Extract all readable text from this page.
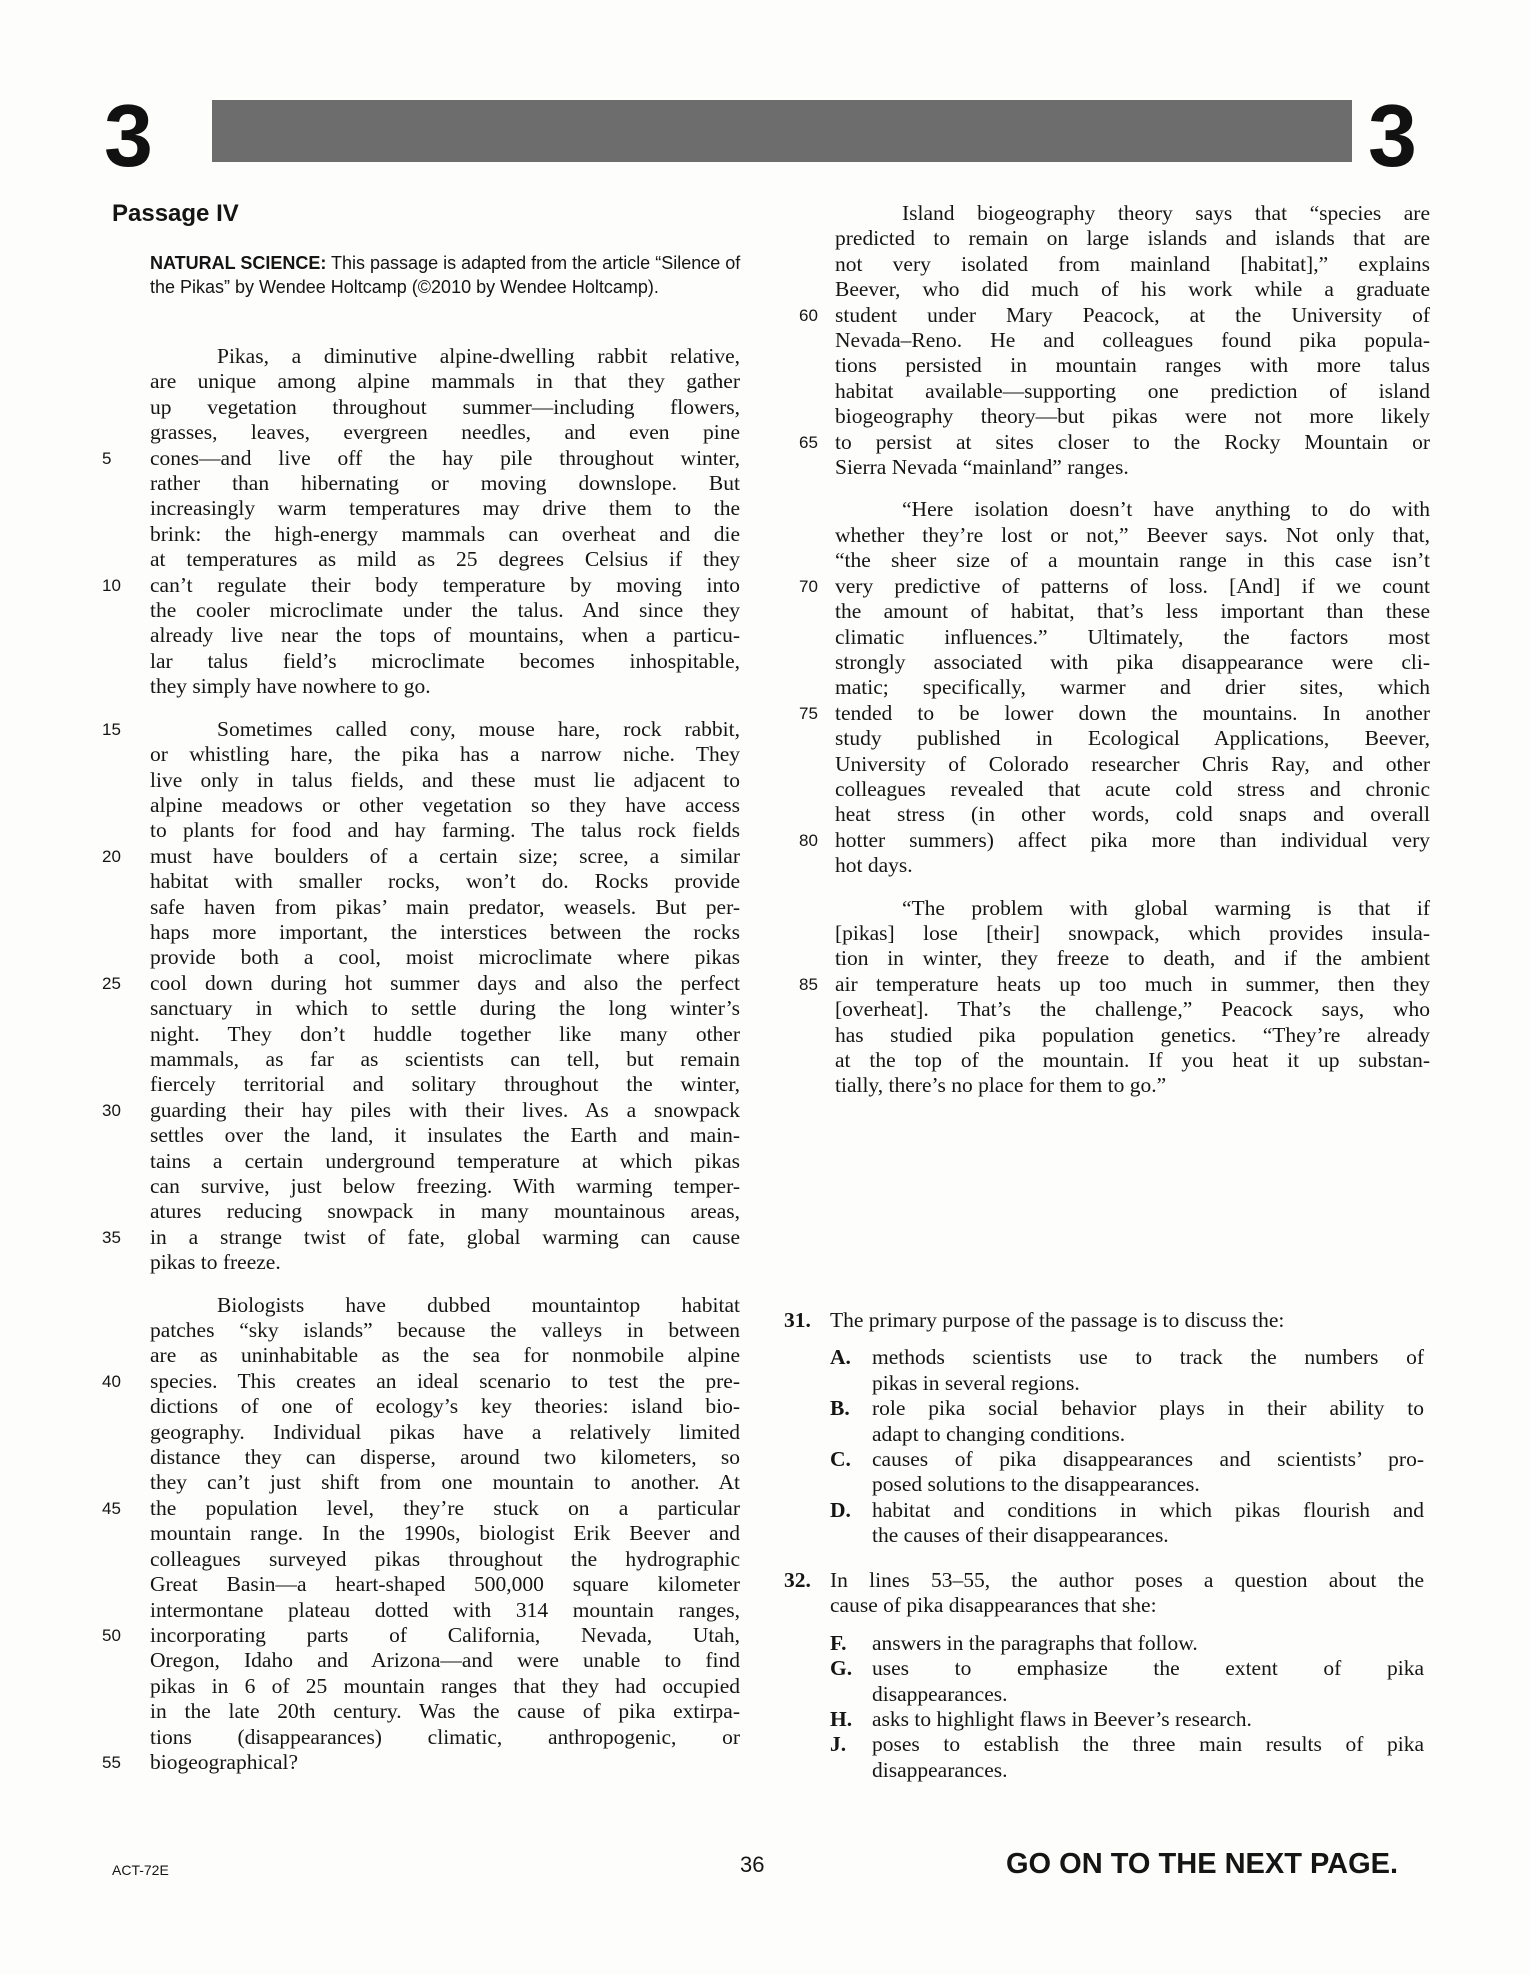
3	3
Passage IV
NATURAL SCIENCE: This passage is adapted from the article “Silence of the Pikas” by Wendee Holtcamp (©2010 by Wendee Holtcamp).
Pikas, a diminutive alpine-dwelling rabbit relative,
are unique among alpine mammals in that they gather
up vegetation throughout summer—including flowers,
grasses, leaves, evergreen needles, and even pine
cones—and live off the hay pile throughout winter,
5
rather than hibernating or moving downslope. But
increasingly warm temperatures may drive them to the
brink: the high-energy mammals can overheat and die
at temperatures as mild as 25 degrees Celsius if they
can’t regulate their body temperature by moving into
10
the cooler microclimate under the talus. And since they
already live near the tops of mountains, when a particu-
lar talus field’s microclimate becomes inhospitable,
they simply have nowhere to go.
Sometimes called cony, mouse hare, rock rabbit,
15
or whistling hare, the pika has a narrow niche. They
live only in talus fields, and these must lie adjacent to
alpine meadows or other vegetation so they have access
to plants for food and hay farming. The talus rock fields
must have boulders of a certain size; scree, a similar
20
habitat with smaller rocks, won’t do. Rocks provide
safe haven from pikas’ main predator, weasels. But per-
haps more important, the interstices between the rocks
provide both a cool, moist microclimate where pikas
cool down during hot summer days and also the perfect
25
sanctuary in which to settle during the long winter’s
night. They don’t huddle together like many other
mammals, as far as scientists can tell, but remain
fiercely territorial and solitary throughout the winter,
guarding their hay piles with their lives. As a snowpack
30
settles over the land, it insulates the Earth and main-
tains a certain underground temperature at which pikas
can survive, just below freezing. With warming temper-
atures reducing snowpack in many mountainous areas,
in a strange twist of fate, global warming can cause
35
pikas to freeze.
Biologists have dubbed mountaintop habitat
patches “sky islands” because the valleys in between
are as uninhabitable as the sea for nonmobile alpine
species. This creates an ideal scenario to test the pre-
40
dictions of one of ecology’s key theories: island bio-
geography. Individual pikas have a relatively limited
distance they can disperse, around two kilometers, so
they can’t just shift from one mountain to another. At
the population level, they’re stuck on a particular
45
mountain range. In the 1990s, biologist Erik Beever and
colleagues surveyed pikas throughout the hydrographic
Great Basin—a heart-shaped 500,000 square kilometer
intermontane plateau dotted with 314 mountain ranges,
incorporating parts of California, Nevada, Utah,
50
Oregon, Idaho and Arizona—and were unable to find
pikas in 6 of 25 mountain ranges that they had occupied
in the late 20th century. Was the cause of pika extirpa-
tions (disappearances) climatic, anthropogenic, or
biogeographical?
55
Island biogeography theory says that “species are
predicted to remain on large islands and islands that are
not very isolated from mainland [habitat],” explains
Beever, who did much of his work while a graduate
student under Mary Peacock, at the University of
60
Nevada–Reno. He and colleagues found pika popula-
tions persisted in mountain ranges with more talus
habitat available—supporting one prediction of island
biogeography theory—but pikas were not more likely
to persist at sites closer to the Rocky Mountain or
65
Sierra Nevada “mainland” ranges.
“Here isolation doesn’t have anything to do with
whether they’re lost or not,” Beever says. Not only that,
“the sheer size of a mountain range in this case isn’t
very predictive of patterns of loss. [And] if we count
70
the amount of habitat, that’s less important than these
climatic influences.” Ultimately, the factors most
strongly associated with pika disappearance were cli-
matic; specifically, warmer and drier sites, which
tended to be lower down the mountains. In another
75
study published in Ecological Applications, Beever,
University of Colorado researcher Chris Ray, and other
colleagues revealed that acute cold stress and chronic
heat stress (in other words, cold snaps and overall
hotter summers) affect pika more than individual very
80
hot days.
“The problem with global warming is that if
[pikas] lose [their] snowpack, which provides insula-
tion in winter, they freeze to death, and if the ambient
air temperature heats up too much in summer, then they
85
[overheat]. That’s the challenge,” Peacock says, who
has studied pika population genetics. “They’re already
at the top of the mountain. If you heat it up substan-
tially, there’s no place for them to go.”
31. The primary purpose of the passage is to discuss the:
A. methods scientists use to track the numbers of
pikas in several regions.
B. role pika social behavior plays in their ability to
adapt to changing conditions.
C. causes of pika disappearances and scientists’ pro-
posed solutions to the disappearances.
D. habitat and conditions in which pikas flourish and
the causes of their disappearances.
32. In lines 53–55, the author poses a question about the
cause of pika disappearances that she:
F. answers in the paragraphs that follow.
G. uses to emphasize the extent of pika
disappearances.
H. asks to highlight flaws in Beever’s research.
J. poses to establish the three main results of pika
disappearances.
ACT-72E	36	GO ON TO THE NEXT PAGE.
